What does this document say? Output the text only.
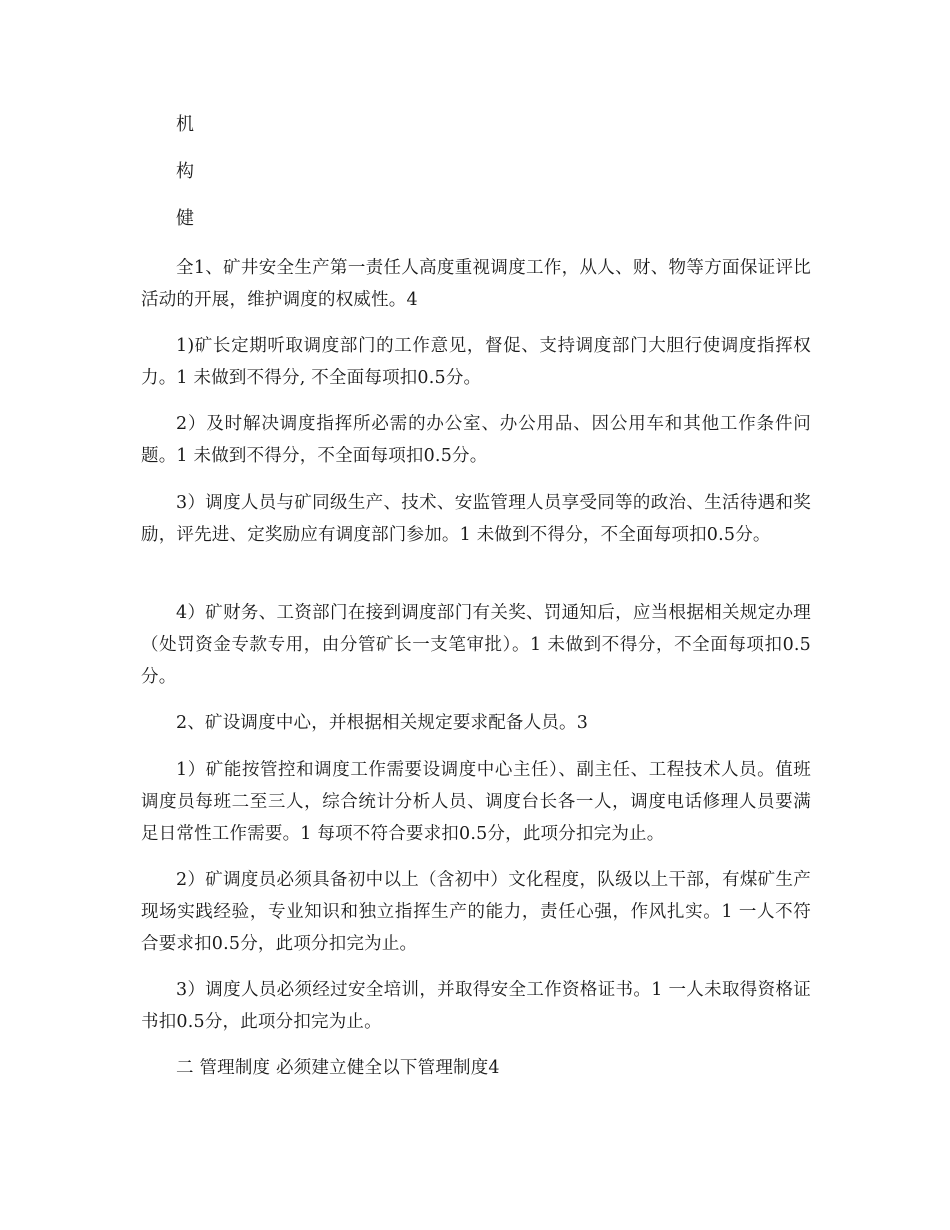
机

构

健

全1、矿井安全生产第一责任人高度重视调度工作，从人、财、物等方面保证评比活动的开展，维护调度的权威性。4

1)矿长定期听取调度部门的工作意见，督促、支持调度部门大胆行使调度指挥权力。1 未做到不得分, 不全面每项扣0.5分。

2）及时解决调度指挥所必需的办公室、办公用品、因公用车和其他工作条件问题。1 未做到不得分，不全面每项扣0.5分。

3）调度人员与矿同级生产、技术、安监管理人员享受同等的政治、生活待遇和奖励，评先进、定奖励应有调度部门参加。1 未做到不得分，不全面每项扣0.5分。

4）矿财务、工资部门在接到调度部门有关奖、罚通知后，应当根据相关规定办理（处罚资金专款专用，由分管矿长一支笔审批）。1 未做到不得分，不全面每项扣0.5分。

2、矿设调度中心，并根据相关规定要求配备人员。3

1）矿能按管控和调度工作需要设调度中心主任）、副主任、工程技术人员。值班调度员每班二至三人，综合统计分析人员、调度台长各一人，调度电话修理人员要满足日常性工作需要。1 每项不符合要求扣0.5分，此项分扣完为止。

2）矿调度员必须具备初中以上（含初中）文化程度，队级以上干部，有煤矿生产现场实践经验，专业知识和独立指挥生产的能力，责任心强，作风扎实。1 一人不符合要求扣0.5分，此项分扣完为止。

3）调度人员必须经过安全培训，并取得安全工作资格证书。1 一人未取得资格证书扣0.5分，此项分扣完为止。

二 管理制度 必须建立健全以下管理制度4
